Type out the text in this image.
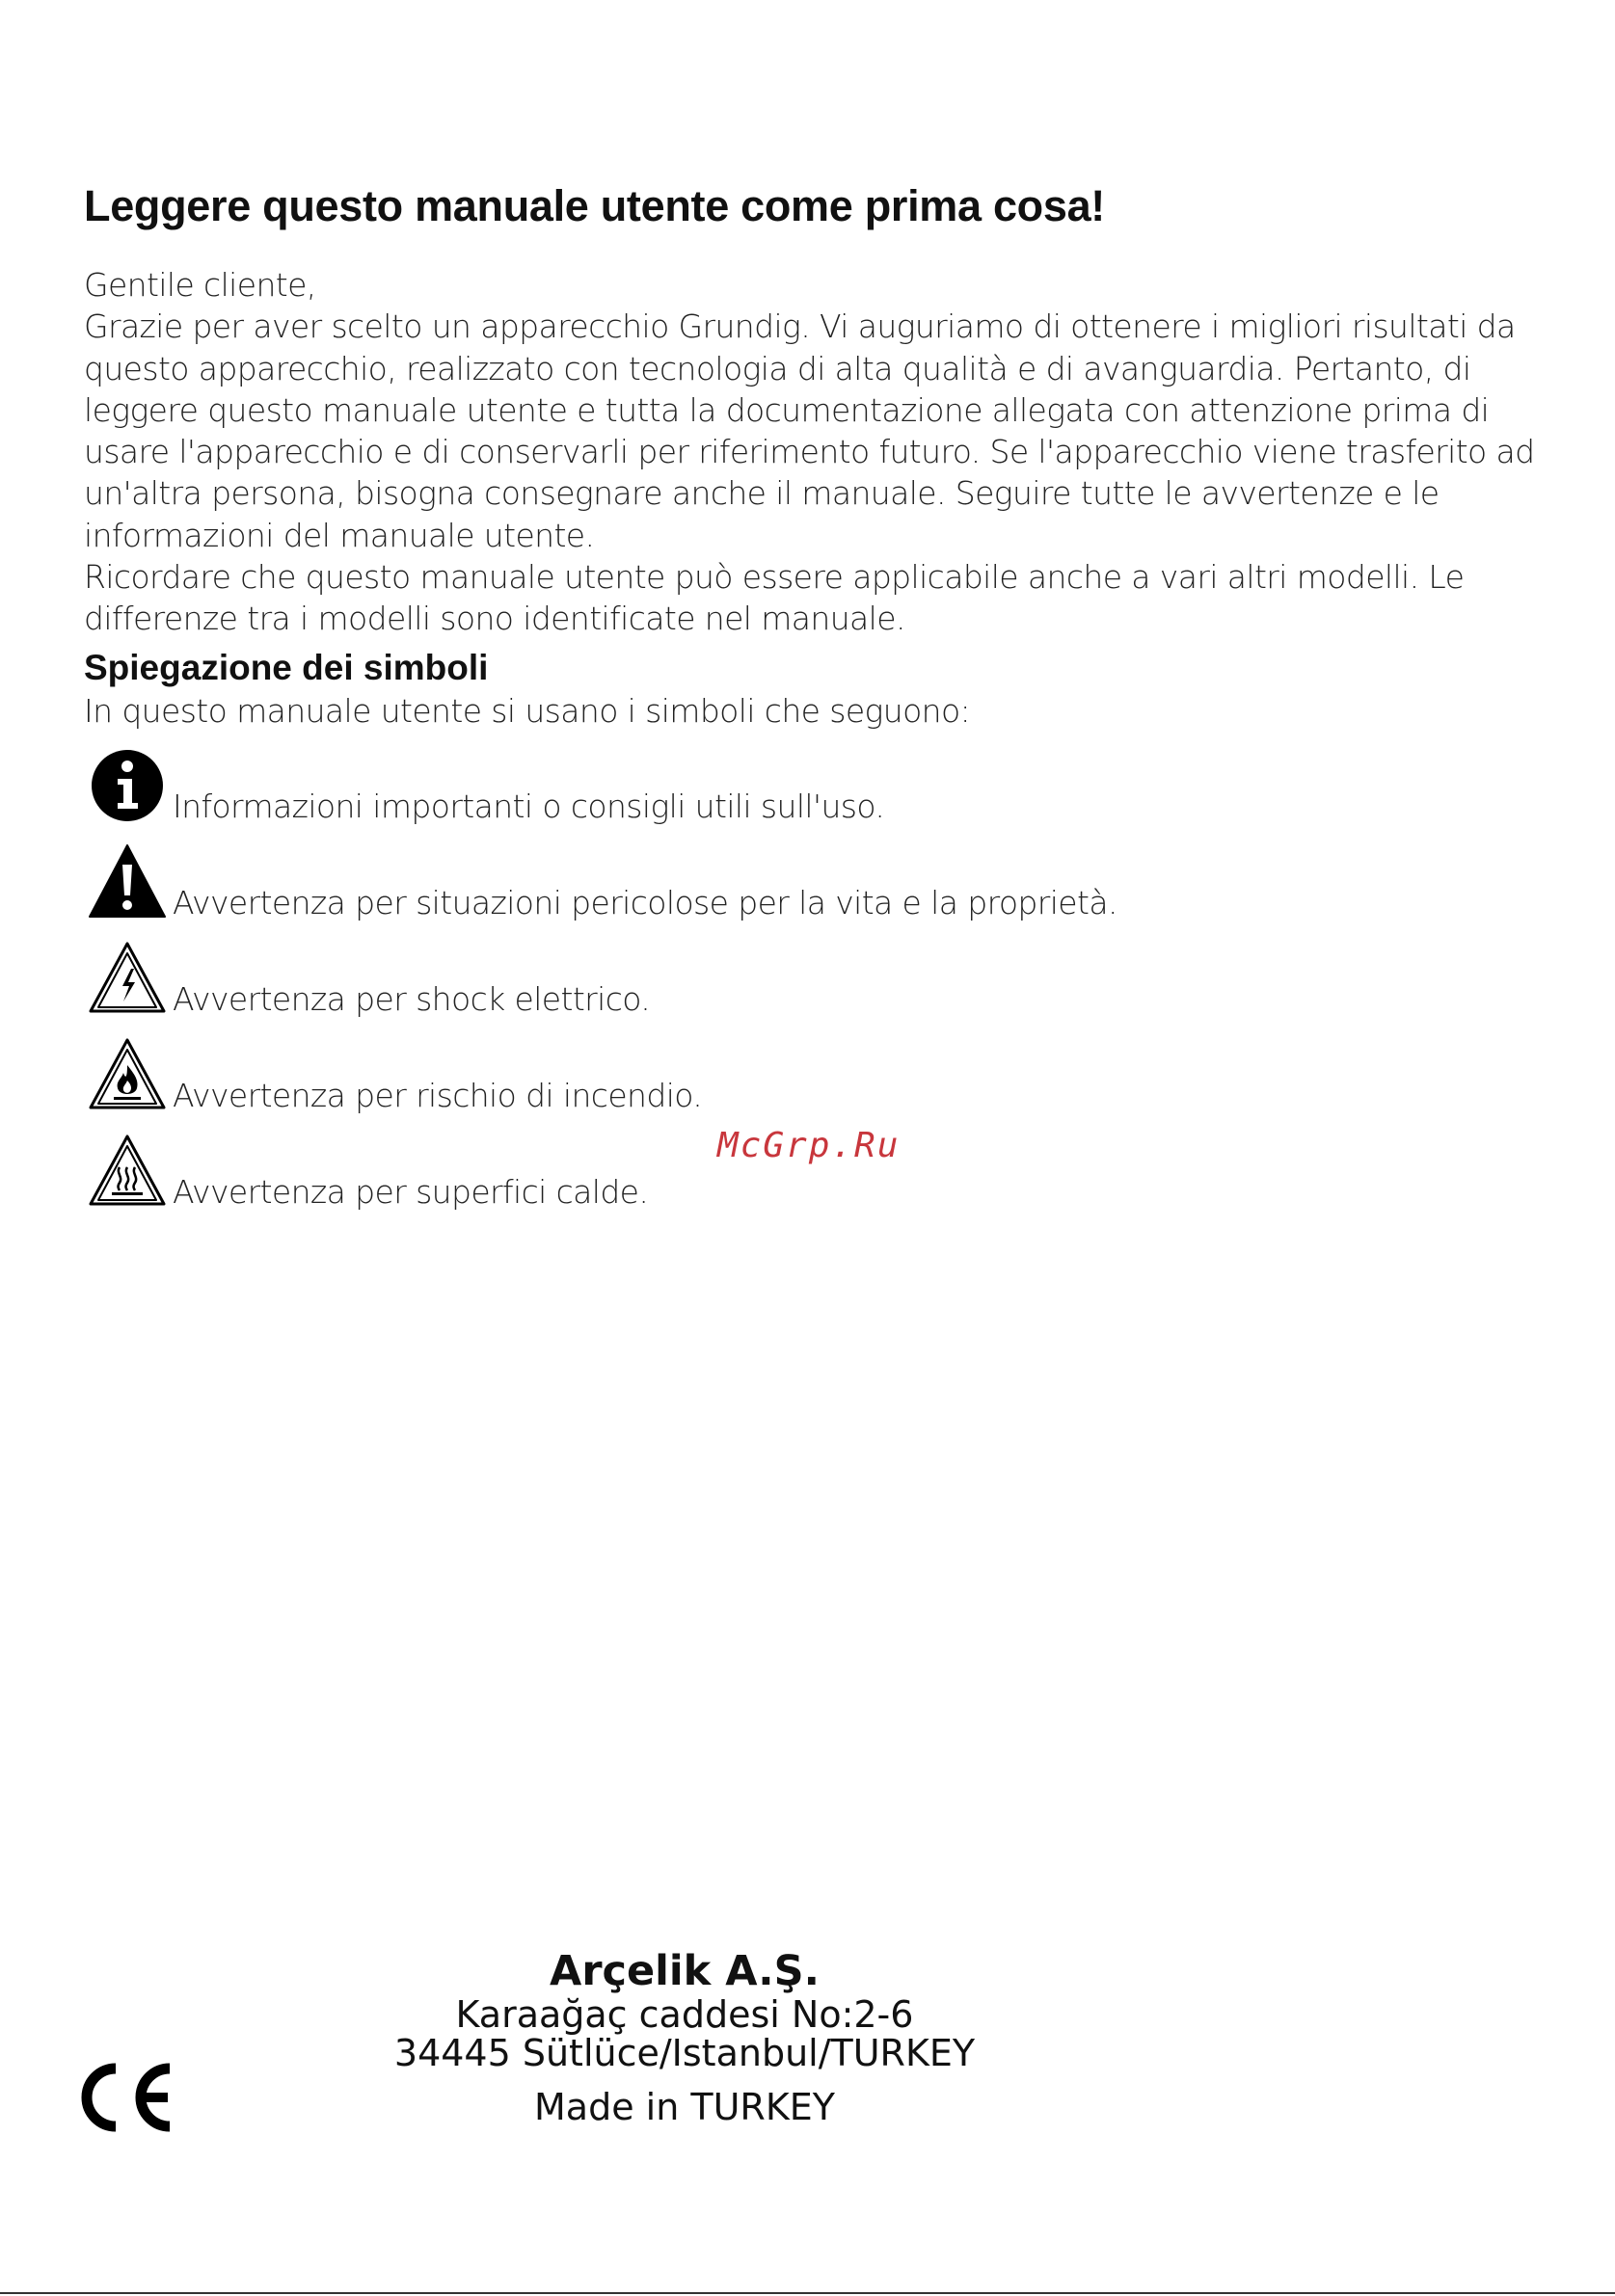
Leggere questo manuale utente come prima cosa!

Gentile cliente,

Grazie per aver scelto un apparecchio Grundig. Vi auguriamo di ottenere i migliori risultati da questo apparecchio, realizzato con tecnologia di alta qualità e di avanguardia. Pertanto, di leggere questo manuale utente e tutta la documentazione allegata con attenzione prima di usare l'apparecchio e di conservarli per riferimento futuro. Se l'apparecchio viene trasferito ad un'altra persona, bisogna consegnare anche il manuale. Seguire tutte le avvertenze e le informazioni del manuale utente.

Ricordare che questo manuale utente può essere applicabile anche a vari altri modelli. Le differenze tra i modelli sono identificate nel manuale.

Spiegazione dei simboli

In questo manuale utente si usano i simboli che seguono:

Informazioni importanti o consigli utili sull'uso.
Avvertenza per situazioni pericolose per la vita e la proprietà.
Avvertenza per shock elettrico.
Avvertenza per rischio di incendio.
Avvertenza per superfici calde.
McGrp.Ru
Arçelik A.Ş.
Karaağaç caddesi No:2-6
34445 Sütlüce/Istanbul/TURKEY
Made in TURKEY
